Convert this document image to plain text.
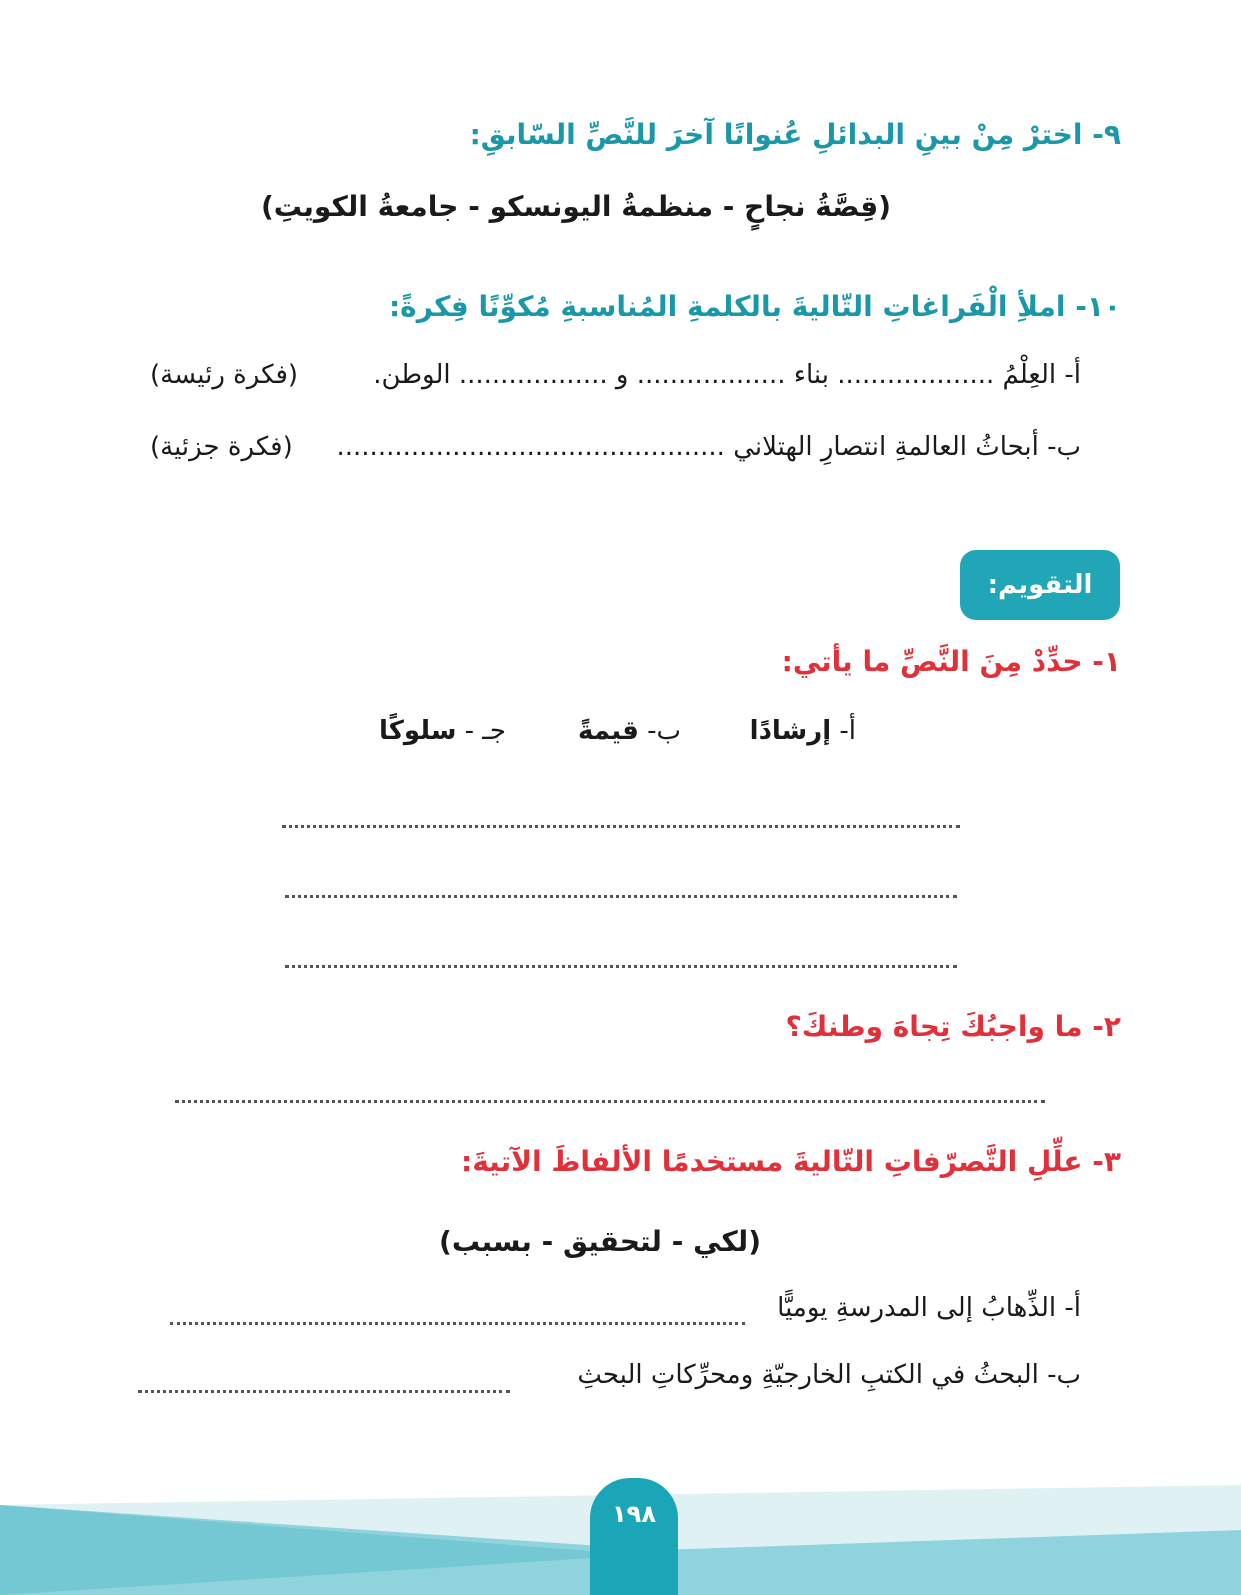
٩- اخترْ مِنْ بينِ البدائلِ عُنوانًا آخرَ للنَّصِّ السّابقِ:
(قِصَّةُ نجاحٍ - منظمةُ اليونسكو - جامعةُ الكويتِ)
١٠- املأِ الْفَراغاتِ التّاليةَ بالكلمةِ المُناسبةِ مُكوِّنًا فِكرةً:
أ- العِلْمُ ................... بناء .................. و .................. الوطن.
(فكرة رئيسة)
ب- أبحاثُ العالمةِ انتصارِ الهتلاني ...............................................
(فكرة جزئية)
التقويم:
١- حدِّدْ مِنَ النَّصِّ ما يأتي:
أ- إرشادًا
ب- قيمةً
جـ - سلوكًا
٢- ما واجبُكَ تِجاهَ وطنكَ؟
٣- علِّلِ التَّصرّفاتِ التّاليةَ مستخدمًا الألفاظَ الآتيةَ:
(لكي - لتحقيق - بسبب)
أ- الذِّهابُ إلى المدرسةِ يوميًّا
ب- البحثُ في الكتبِ الخارجيّةِ ومحرِّكاتِ البحثِ
١٩٨
